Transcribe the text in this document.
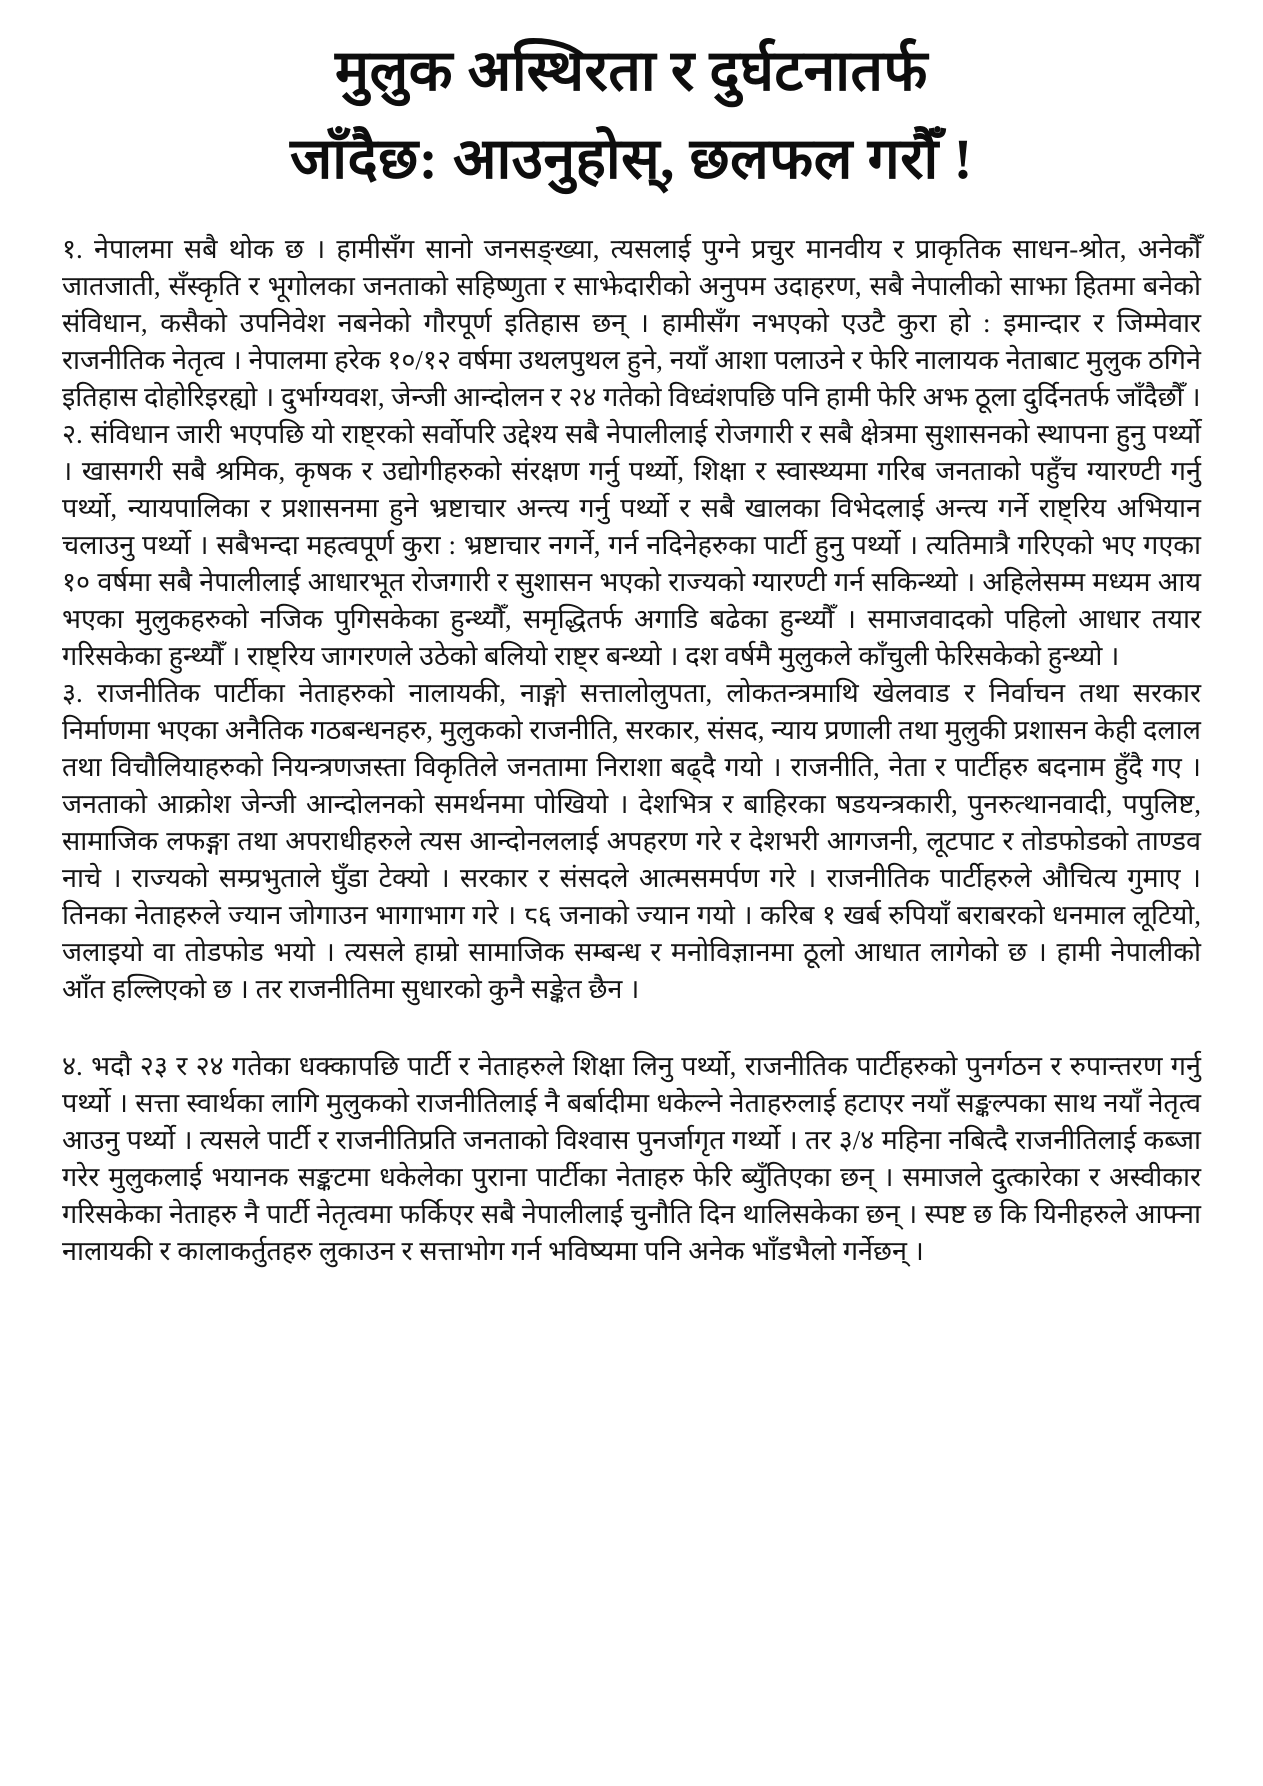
मुलुक अस्थिरता र दुर्घटनातर्फ
जाँदैछ: आउनुहोस्, छलफल गरौँ !

१. नेपालमा सबै थोक छ । हामीसँग सानो जनसङ्ख्या, त्यसलाई पुग्ने प्रचुर मानवीय र प्राकृतिक साधन-श्रोत, अनेकौँ जातजाती, सँस्कृति र भूगोलका जनताको सहिष्णुता र साझेदारीको अनुपम उदाहरण, सबै नेपालीको साझा हितमा बनेको संविधान, कसैको उपनिवेश नबनेको गौरपूर्ण इतिहास छन् । हामीसँग नभएको एउटै कुरा हो : इमान्दार र जिम्मेवार राजनीतिक नेतृत्व । नेपालमा हरेक १०/१२ वर्षमा उथलपुथल हुने, नयाँ आशा पलाउने र फेरि नालायक नेताबाट मुलुक ठगिने इतिहास दोहोरिइरह्यो । दुर्भाग्यवश, जेन्जी आन्दोलन र २४ गतेको विध्वंशपछि पनि हामी फेरि अझ ठूला दुर्दिनतर्फ जाँदैछौँ ।

२. संविधान जारी भएपछि यो राष्ट्रको सर्वोपरि उद्देश्य सबै नेपालीलाई रोजगारी र सबै क्षेत्रमा सुशासनको स्थापना हुनु पर्थ्यो । खासगरी सबै श्रमिक, कृषक र उद्योगीहरुको संरक्षण गर्नु पर्थ्यो, शिक्षा र स्वास्थ्यमा गरिब जनताको पहुँच ग्यारण्टी गर्नु पर्थ्यो, न्यायपालिका र प्रशासनमा हुने भ्रष्टाचार अन्त्य गर्नु पर्थ्यो र सबै खालका विभेदलाई अन्त्य गर्ने राष्ट्रिय अभियान चलाउनु पर्थ्यो । सबैभन्दा महत्वपूर्ण कुरा : भ्रष्टाचार नगर्ने, गर्न नदिनेहरुका पार्टी हुनु पर्थ्यो । त्यतिमात्रै गरिएको भए गएका १० वर्षमा सबै नेपालीलाई आधारभूत रोजगारी र सुशासन भएको राज्यको ग्यारण्टी गर्न सकिन्थ्यो । अहिलेसम्म मध्यम आय भएका मुलुकहरुको नजिक पुगिसकेका हुन्थ्यौँ, समृद्धितर्फ अगाडि बढेका हुन्थ्यौँ । समाजवादको पहिलो आधार तयार गरिसकेका हुन्थ्यौँ । राष्ट्रिय जागरणले उठेको बलियो राष्ट्र बन्थ्यो । दश वर्षमै मुलुकले काँचुली फेरिसकेको हुन्थ्यो ।

३. राजनीतिक पार्टीका नेताहरुको नालायकी, नाङ्गो सत्तालोलुपता, लोकतन्त्रमाथि खेलवाड र निर्वाचन तथा सरकार निर्माणमा भएका अनैतिक गठबन्धनहरु, मुलुकको राजनीति, सरकार, संसद, न्याय प्रणाली तथा मुलुकी प्रशासन केही दलाल तथा विचौलियाहरुको नियन्त्रणजस्ता विकृतिले जनतामा निराशा बढ्दै गयो । राजनीति, नेता र पार्टीहरु बदनाम हुँदै गए । जनताको आक्रोश जेन्जी आन्दोलनको समर्थनमा पोखियो । देशभित्र र बाहिरका षडयन्त्रकारी, पुनरुत्थानवादी, पपुलिष्ट, सामाजिक लफङ्गा तथा अपराधीहरुले त्यस आन्दोनललाई अपहरण गरे र देशभरी आगजनी, लूटपाट र तोडफोडको ताण्डव नाचे । राज्यको सम्प्रभुताले घुँडा टेक्यो । सरकार र संसदले आत्मसमर्पण गरे । राजनीतिक पार्टीहरुले औचित्य गुमाए । तिनका नेताहरुले ज्यान जोगाउन भागाभाग गरे । ८६ जनाको ज्यान गयो । करिब १ खर्ब रुपियाँ बराबरको धनमाल लूटियो, जलाइयो वा तोडफोड भयो । त्यसले हाम्रो सामाजिक सम्बन्ध र मनोविज्ञानमा ठूलो आधात लागेको छ । हामी नेपालीको आँत हल्लिएको छ । तर राजनीतिमा सुधारको कुनै सङ्केत छैन ।

४. भदौ २३ र २४ गतेका धक्कापछि पार्टी र नेताहरुले शिक्षा लिनु पर्थ्यो, राजनीतिक पार्टीहरुको पुनर्गठन र रुपान्तरण गर्नु पर्थ्यो । सत्ता स्वार्थका लागि मुलुकको राजनीतिलाई नै बर्बादीमा धकेल्ने नेताहरुलाई हटाएर नयाँ सङ्कल्पका साथ नयाँ नेतृत्व आउनु पर्थ्यो । त्यसले पार्टी र राजनीतिप्रति जनताको विश्वास पुनर्जागृत गर्थ्यो । तर ३/४ महिना नबित्दै राजनीतिलाई कब्जा गरेर मुलुकलाई भयानक सङ्कटमा धकेलेका पुराना पार्टीका नेताहरु फेरि ब्युँतिएका छन् । समाजले दुत्कारेका र अस्वीकार गरिसकेका नेताहरु नै पार्टी नेतृत्वमा फर्किएर सबै नेपालीलाई चुनौति दिन थालिसकेका छन् । स्पष्ट छ कि यिनीहरुले आफ्ना नालायकी र कालाकर्तुतहरु लुकाउन र सत्ताभोग गर्न भविष्यमा पनि अनेक भाँडभैलो गर्नेछन् ।
